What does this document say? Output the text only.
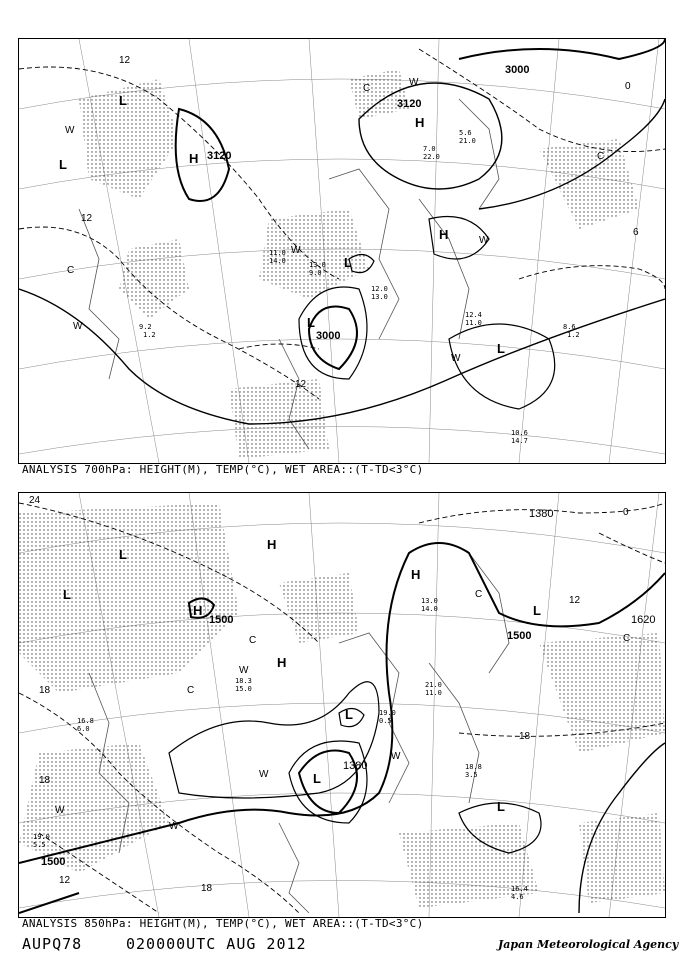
3120
3120
3000
3000
12
12
12
0
6
L
L	H
H
H
L
L
L
W
W
W
W
W
W
C
C
C
11.0
14.0	13.0
9.0
12.0
13.0
12.4
11.0	8.6
1.2
10.6
14.7
9.2
1.2
7.0
22.0
5.6
21.0
ANALYSIS 700hPa: HEIGHT(M), TEMP(°C), WET AREA::(T-TD<3°C)
1500
1500
1500
1380
1380
1620
24
18
18
18
18
12
12
0
L
L
H
H
H
H
L
L
L
L
W
W
W
W
W
C
C
C
C
19.0
5.5
18.8
3.5
16.4
4.6
13.0
14.0
21.0
11.0
18.3
15.0
19.0
0.5
16.8
6.0
ANALYSIS 850hPa: HEIGHT(M), TEMP(°C), WET AREA::(T-TD<3°C)
AUPQ78	020000UTC AUG 2012	Japan Meteorological Agency
